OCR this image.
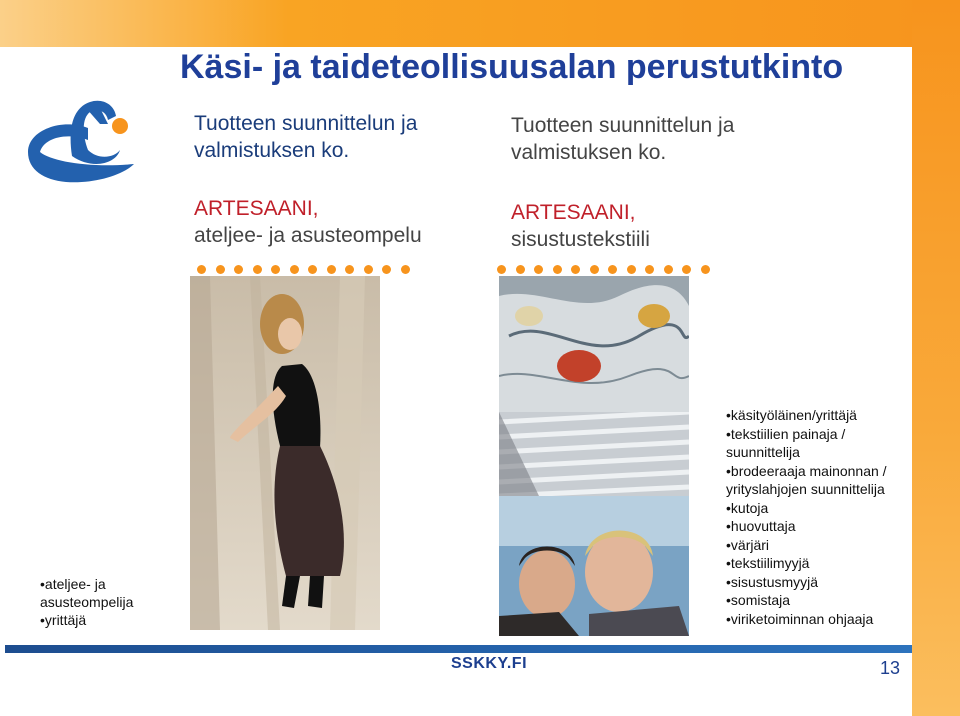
Käsi- ja taideteollisuusalan perustutkinto
Tuotteen suunnittelun ja
valmistuksen ko.
ARTESAANI,
ateljee- ja asusteompelu
Tuotteen suunnittelun ja
valmistuksen ko.
ARTESAANI,
sisustustekstiili
•ateljee- ja
asusteompelija
•yrittäjä
•käsityöläinen/yrittäjä
•tekstiilien painaja /
suunnittelija
•brodeeraaja mainonnan /
yrityslahjojen suunnittelija
•kutoja
•huovuttaja
•värjäri
•tekstiilimyyjä
•sisustusmyyjä
•somistaja
•viriketoiminnan ohjaaja
SSKKY.FI	13
